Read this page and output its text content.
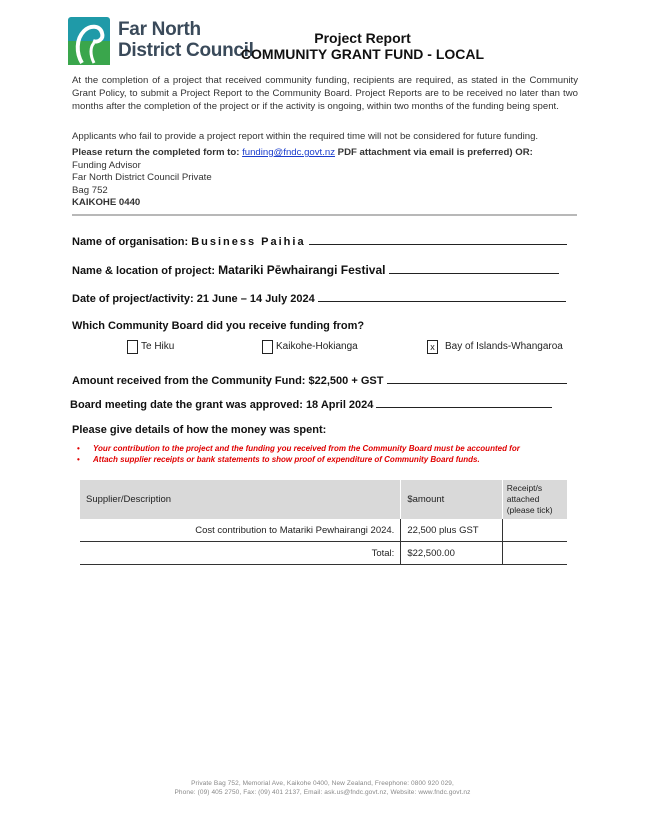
Far North
District Council
Project Report
COMMUNITY GRANT FUND - LOCAL
At the completion of a project that received community funding, recipients are required, as stated in the Community Grant Policy, to submit a Project Report to the Community Board. Project Reports are to be received no later than two months after the completion of the project or if the activity is ongoing, within two months of the funding being spent.
Applicants who fail to provide a project report within the required time will not be considered for future funding.
Please return the completed form to: funding@fndc.govt.nz PDF attachment via email is preferred) OR:
Funding Advisor
Far North District Council Private
Bag 752
KAIKOHE 0440
Name of organisation: Business Paihia
Name & location of project: Matariki Pēwhairangi Festival
Date of project/activity: 21 June – 14 July 2024
Which Community Board did you receive funding from?
Te Hiku	Kaikohe-Hokianga	x	Bay of Islands-Whangaroa
Amount received from the Community Fund: $22,500 + GST
Board meeting date the grant was approved: 18 April 2024
Please give details of how the money was spent:
• Your contribution to the project and the funding you received from the Community Board must be accounted for
• Attach supplier receipts or bank statements to show proof of expenditure of Community Board funds.
Supplier/Description	$amount	Receipt/s attached (please tick)
Cost contribution to Matariki Pewhairangi 2024.	22,500 plus GST	
Total:	$22,500.00	
Private Bag 752, Memorial Ave, Kaikohe 0400, New Zealand, Freephone: 0800 920 029,
Phone: (09) 405 2750, Fax: (09) 401 2137, Email: ask.us@fndc.govt.nz, Website: www.fndc.govt.nz
